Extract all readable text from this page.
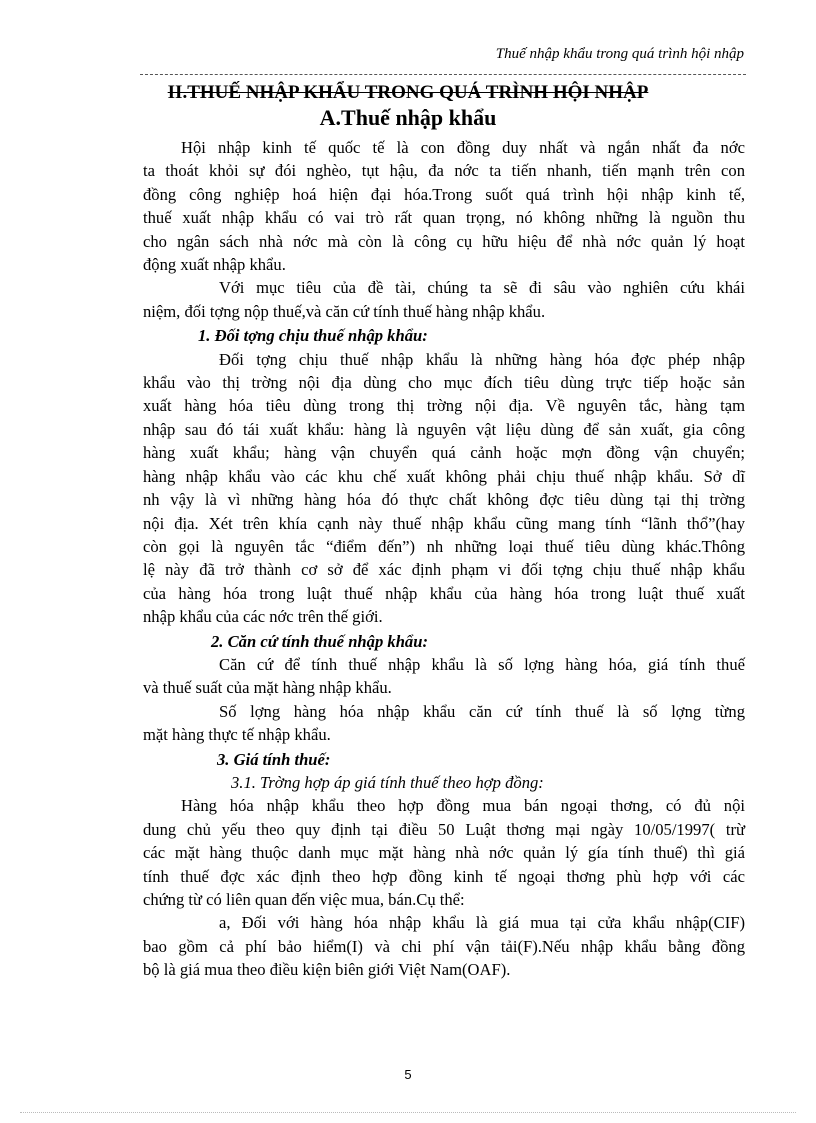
Thuế nhập khẩu trong quá trình hội nhập
II.THUẾ NHẬP KHẨU TRONG QUÁ TRÌNH HỘI NHẬP
A.Thuế nhập khẩu

Hội nhập kinh tế quốc tế là con đồng duy nhất và ngắn nhất đa nớc

ta thoát khỏi sự đói nghèo, tụt hậu, đa nớc ta tiến nhanh, tiến mạnh trên con

đồng công nghiệp hoá hiện đại hóa.Trong suốt quá trình hội nhập kinh tế,

thuế xuất nhập khẩu có vai trò rất quan trọng, nó không những là nguồn thu

cho ngân sách nhà nớc mà còn là công cụ hữu hiệu để nhà nớc quản lý hoạt

động xuất nhập khẩu.

Với mục tiêu của đề tài, chúng ta sẽ đi sâu vào nghiên cứu khái

niệm, đối tợng nộp thuế,và căn cứ tính thuế hàng nhập khẩu.

1. Đối tợng chịu thuế nhập khẩu:

Đối tợng chịu thuế nhập khẩu là những hàng hóa đợc phép nhập

khẩu vào thị trờng nội địa dùng cho mục đích tiêu dùng trực tiếp hoặc sản

xuất hàng hóa tiêu dùng trong thị trờng nội địa. Về nguyên tắc, hàng tạm

nhập sau đó tái xuất khẩu: hàng là nguyên vật liệu dùng để sản xuất, gia công

hàng xuất khẩu; hàng vận chuyển quá cảnh hoặc mợn đồng vận chuyển;

hàng nhập khẩu vào các khu chế xuất không phải chịu thuế nhập khẩu. Sở dĩ

nh vậy là vì những hàng hóa đó thực chất không đợc tiêu dùng tại thị trờng

nội địa. Xét trên khía cạnh này thuế nhập khẩu cũng mang tính “lãnh thổ”(hay

còn gọi là nguyên tắc “điểm đến”) nh những loại thuế tiêu dùng khác.Thông

lệ này đã trở thành cơ sở để xác định phạm vi đối tợng chịu thuế nhập khẩu

của hàng hóa trong luật thuế nhập khẩu của hàng hóa trong luật thuế xuất

nhập khẩu của các nớc trên thế giới.

2. Căn cứ tính thuế nhập khẩu:

Căn cứ để tính thuế nhập khẩu là số lợng hàng hóa, giá tính thuế

và thuế suất của mặt hàng nhập khẩu.

Số lợng hàng hóa nhập khẩu căn cứ tính thuế là số lợng từng

mặt hàng thực tế nhập khẩu.

3. Giá tính thuế:

3.1. Trờng hợp áp giá tính thuế theo hợp đồng:

Hàng hóa nhập khẩu theo hợp đồng mua bán ngoại thơng, có đủ nội

dung chủ yếu theo quy định tại điều 50 Luật thơng mại ngày 10/05/1997( trừ

các mặt hàng thuộc danh mục mặt hàng nhà nớc quản lý gía tính thuế) thì giá

tính thuế đợc xác định theo hợp đồng kinh tế ngoại thơng phù hợp với các

chứng từ có liên quan đến việc mua, bán.Cụ thể:

a, Đối với hàng hóa nhập khẩu là giá mua tại cửa khẩu nhập(CIF)

bao gồm cả phí bảo hiểm(I) và chi phí vận tải(F).Nếu nhập khẩu bằng đồng

bộ là giá mua theo điều kiện biên giới Việt Nam(OAF).

5
